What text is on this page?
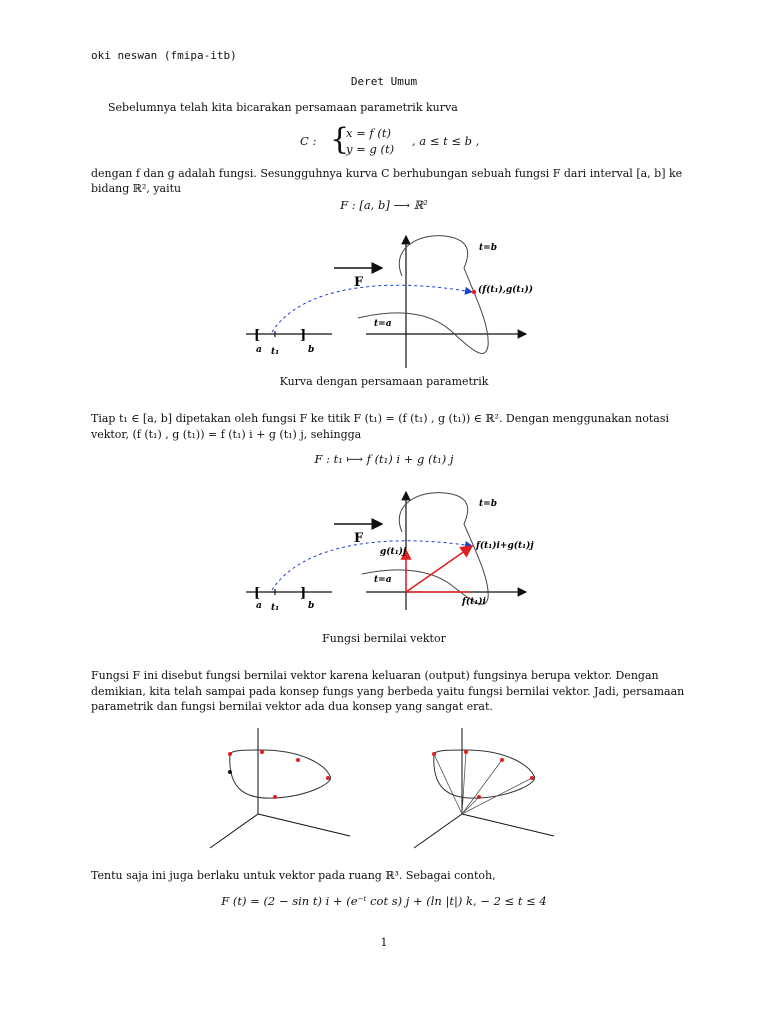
oki neswan (fmipa-itb)
Deret Umum
Sebelumnya telah kita bicarakan persamaan parametrik kurva
C : {
x = f (t)
y = g (t)
, a ≤ t ≤ b ,
dengan f dan g adalah fungsi. Sesungguhnya kurva C berhubungan sebuah fungsi F dari interval [a, b] ke
bidang ℝ², yaitu
F : [a, b] ⟶ ℝ²
[	]
t=b
t=a
(f(t₁),g(t₁))
F
a t₁	b
Kurva dengan persamaan parametrik
Tiap t₁ ∈ [a, b] dipetakan oleh fungsi F ke titik F (t₁) = (f (t₁) , g (t₁)) ∈ ℝ². Dengan menggunakan notasi
vektor, (f (t₁) , g (t₁)) = f (t₁) i + g (t₁) j, sehingga
F : t₁ ⟼ f (t₁) i + g (t₁) j
[	]
t=b
t=a
f(t₁)i+g(t₁)j
g(t₁)j
f(t₁)i
F
a t₁	b
Fungsi bernilai vektor
Fungsi F ini disebut fungsi bernilai vektor karena keluaran (output) fungsinya berupa vektor. Dengan
demikian, kita telah sampai pada konsep fungs yang berbeda yaitu fungsi bernilai vektor. Jadi, persamaan
parametrik dan fungsi bernilai vektor ada dua konsep yang sangat erat.
Tentu saja ini juga berlaku untuk vektor pada ruang ℝ³. Sebagai contoh,
F (t) = (2 − sin t) i + (e⁻ᵗ cot s) j + (ln |t|) k, − 2 ≤ t ≤ 4
1
